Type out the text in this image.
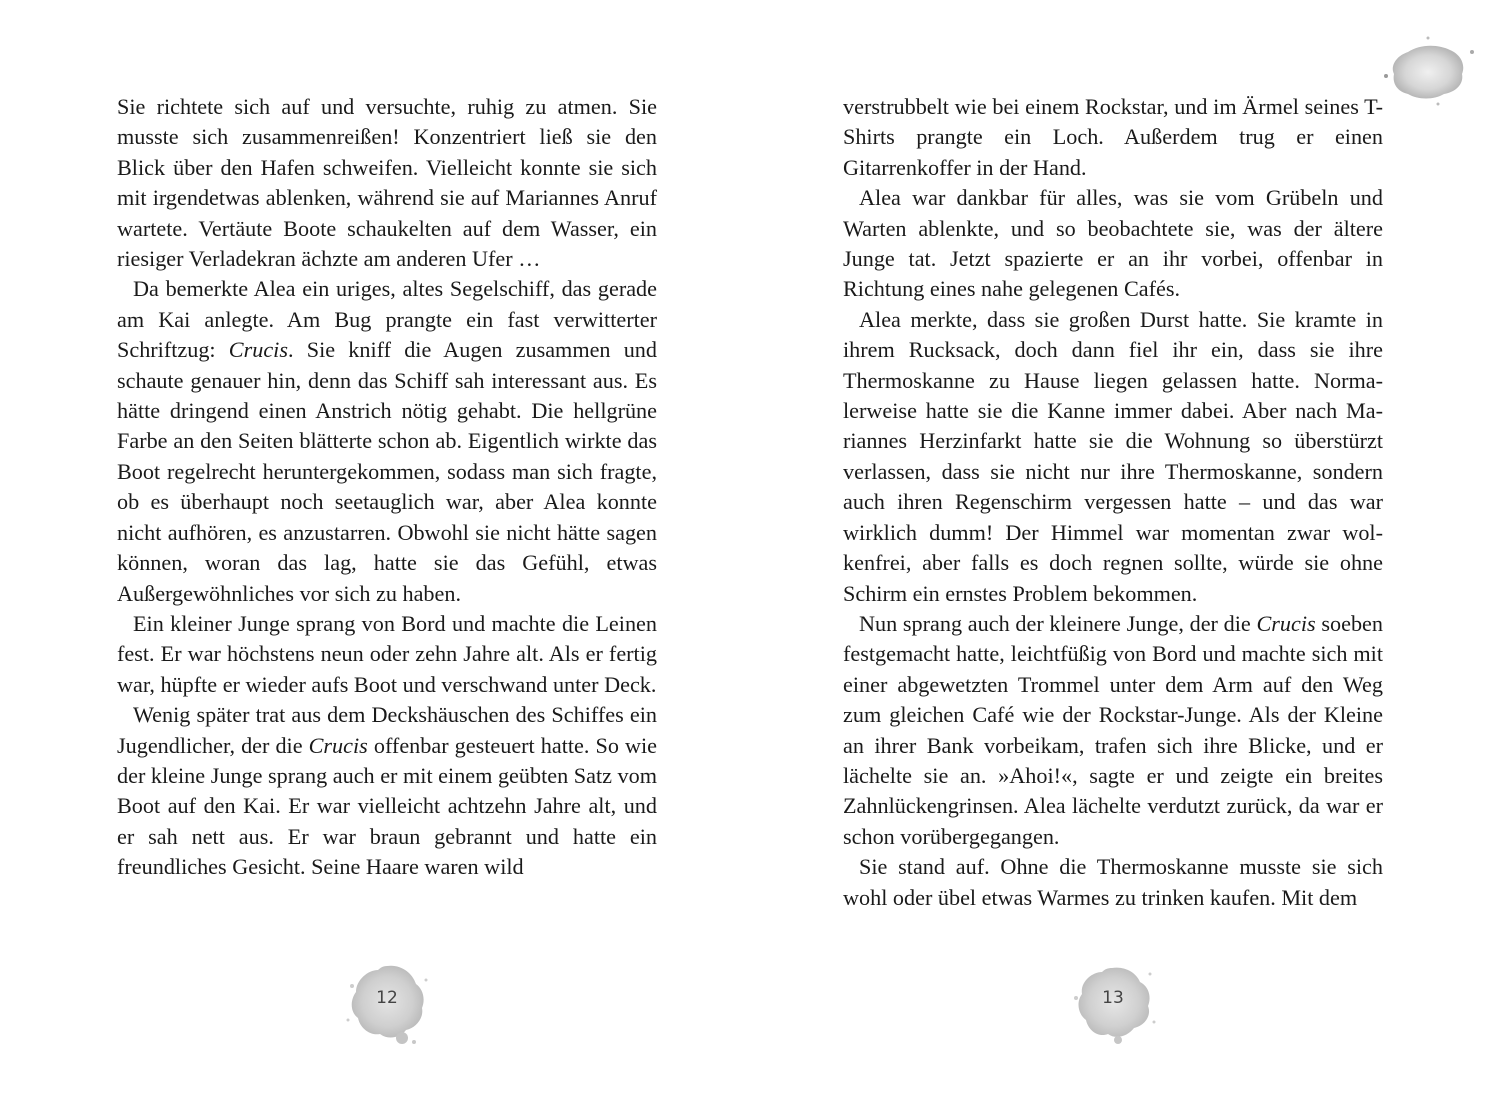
Sie richtete sich auf und versuchte, ruhig zu atmen. Sie musste sich zusammenreißen! Konzentriert ließ sie den Blick über den Hafen schweifen. Vielleicht konnte sie sich mit irgendetwas ablenken, während sie auf Mariannes Anruf wartete. Vertäute Boote schaukelten auf dem Wasser, ein riesiger Verladekran ächzte am anderen Ufer …

Da bemerkte Alea ein uriges, altes Segelschiff, das gerade am Kai anlegte. Am Bug prangte ein fast verwitterter Schriftzug: Crucis. Sie kniff die Augen zusammen und schaute genauer hin, denn das Schiff sah interessant aus. Es hätte dringend einen Anstrich nötig gehabt. Die hellgrüne Farbe an den Seiten blätterte schon ab. Eigentlich wirkte das Boot regelrecht heruntergekommen, sodass man sich fragte, ob es überhaupt noch seetauglich war, aber Alea konnte nicht aufhören, es anzustarren. Obwohl sie nicht hätte sagen können, woran das lag, hatte sie das Gefühl, etwas Außergewöhnliches vor sich zu haben.

Ein kleiner Junge sprang von Bord und machte die Leinen fest. Er war höchstens neun oder zehn Jahre alt. Als er fertig war, hüpfte er wieder aufs Boot und verschwand unter Deck.

Wenig später trat aus dem Deckshäuschen des Schiffes ein Jugendlicher, der die Crucis offenbar gesteuert hatte. So wie der kleine Junge sprang auch er mit einem geübten Satz vom Boot auf den Kai. Er war vielleicht achtzehn Jahre alt, und er sah nett aus. Er war braun gebrannt und hatte ein freundliches Gesicht. Seine Haare waren wild

verstrubbelt wie bei einem Rockstar, und im Ärmel seines T-Shirts prangte ein Loch. Außerdem trug er einen Gitarrenkoffer in der Hand.

Alea war dankbar für alles, was sie vom Grübeln und Warten ablenkte, und so beobachtete sie, was der ältere Junge tat. Jetzt spazierte er an ihr vorbei, offenbar in Richtung eines nahe gelegenen Cafés.

Alea merkte, dass sie großen Durst hatte. Sie kramte in ihrem Rucksack, doch dann fiel ihr ein, dass sie ihre Thermoskanne zu Hause liegen gelassen hatte. Normalerweise hatte sie die Kanne immer dabei. Aber nach Mariannes Herzinfarkt hatte sie die Wohnung so überstürzt verlassen, dass sie nicht nur ihre Thermoskanne, sondern auch ihren Regenschirm vergessen hatte – und das war wirklich dumm! Der Himmel war momentan zwar wolkenfrei, aber falls es doch regnen sollte, würde sie ohne Schirm ein ernstes Problem bekommen.

Nun sprang auch der kleinere Junge, der die Crucis soeben festgemacht hatte, leichtfüßig von Bord und machte sich mit einer abgewetzten Trommel unter dem Arm auf den Weg zum gleichen Café wie der Rockstar-Junge. Als der Kleine an ihrer Bank vorbeikam, trafen sich ihre Blicke, und er lächelte sie an. »Ahoi!«, sagte er und zeigte ein breites Zahnlückengrinsen. Alea lächelte verdutzt zurück, da war er schon vorübergegangen.

Sie stand auf. Ohne die Thermoskanne musste sie sich wohl oder übel etwas Warmes zu trinken kaufen. Mit dem

12	13
